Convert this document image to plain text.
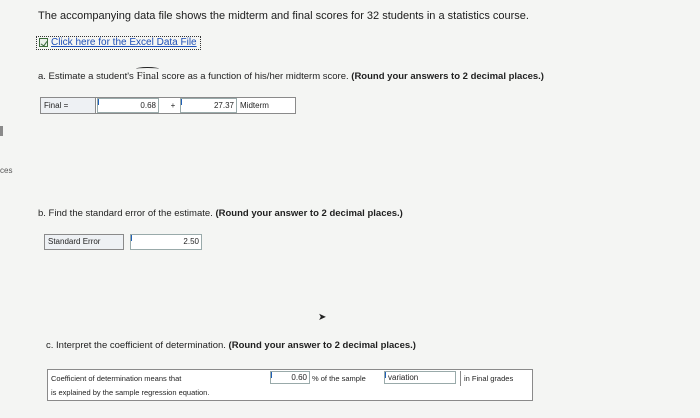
ces
The accompanying data file shows the midterm and final scores for 32 students in a statistics course.
Click here for the Excel Data File
a. Estimate a student's Final score as a function of his/her midterm score. (Round your answers to 2 decimal places.)
Final =	0.68	+	27.37 Midterm
b. Find the standard error of the estimate. (Round your answer to 2 decimal places.)
Standard Error	2.50
➤
c. Interpret the coefficient of determination. (Round your answer to 2 decimal places.)
Coefficient of determination means that	0.60 % of the sample	variation	in Final grades
is explained by the sample regression equation.
